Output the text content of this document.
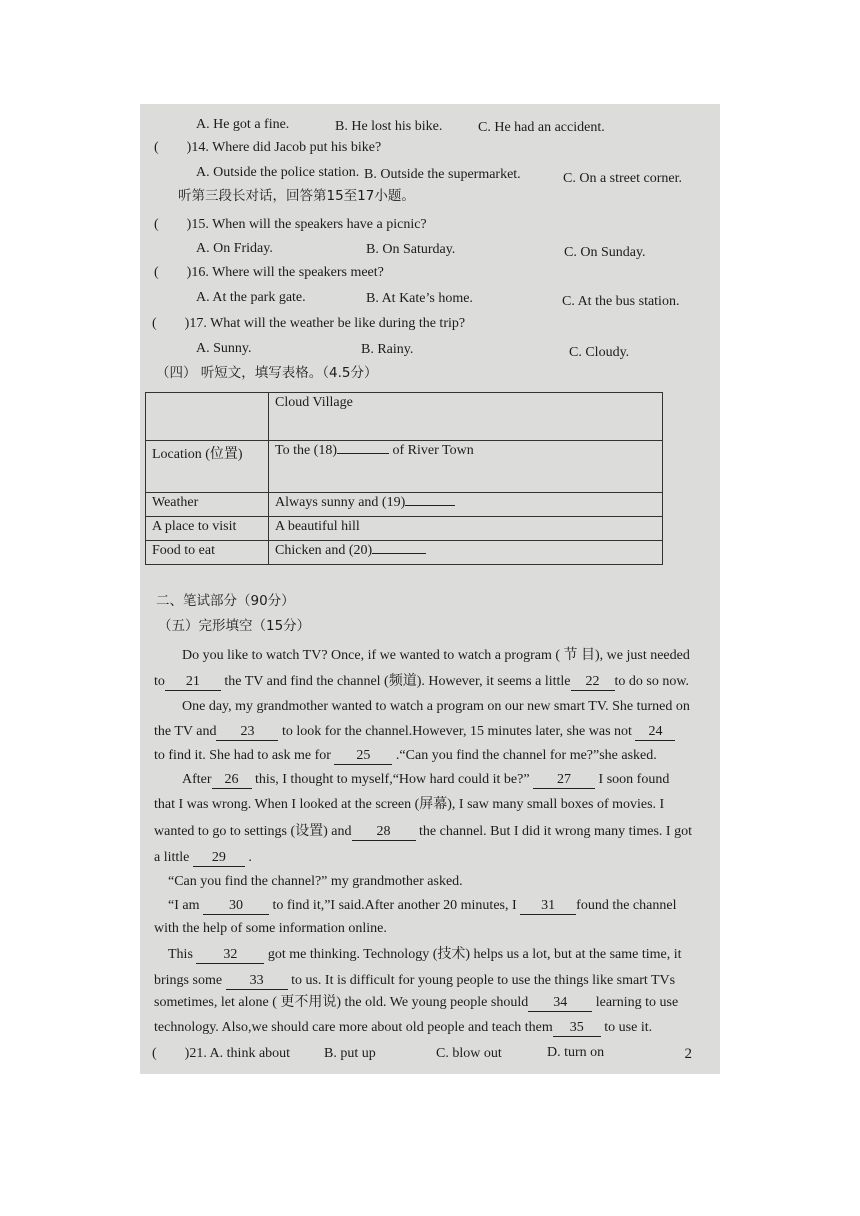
A. He got a fine.	B. He lost his bike.	C. He had an accident.
(　　)14. Where did Jacob put his bike?
A. Outside the police station. B. Outside the supermarket.	C. On a street corner.
听第三段长对话，回答第15至17小题。
(　　)15. When will the speakers have a picnic?
A. On Friday.	B. On Saturday.	C. On Sunday.
(　　)16. Where will the speakers meet?
A. At the park gate.	B. At Kate’s home.	C. At the bus station.
(　　)17. What will the weather be like during the trip?
A. Sunny.	B. Rainy.	C. Cloudy.
（四） 听短文，填写表格。（4.5分）
	Cloud Village
Location (位置)	To the (18) of River Town
Weather	Always sunny and (19)
A place to visit	A beautiful hill
Food to eat	Chicken and (20)
二、笔试部分（90分）
（五）完形填空（15分）
Do you like to watch TV? Once, if we wanted to watch a program ( 节 目), we just needed
to 21 the TV and find the channel (频道). However, it seems a little 22 to do so now.
One day, my grandmother wanted to watch a program on our new smart TV. She turned on
the TV and 23 to look for the channel.However, 15 minutes later, she was not 24
to find it. She had to ask me for 25 .“Can you find the channel for me?”she asked.
After 26 this, I thought to myself,“How hard could it be?” 27 I soon found
that I was wrong. When I looked at the screen (屏幕), I saw many small boxes of movies. I
wanted to go to settings (设置) and 28 the channel. But I did it wrong many times. I got
a little 29 .
“Can you find the channel?” my grandmother asked.
“I am 30 to find it,”I said.After another 20 minutes, I 31 found the channel
with the help of some information online.
This 32 got me thinking. Technology (技术) helps us a lot, but at the same time, it
brings some 33 to us. It is difficult for young people to use the things like smart TVs
sometimes, let alone ( 更不用说) the old. We young people should 34 learning to use
technology. Also,we should care more about old people and teach them 35 to use it.
(　　)21. A. think about B. put up	C. blow out	D. turn on	2
